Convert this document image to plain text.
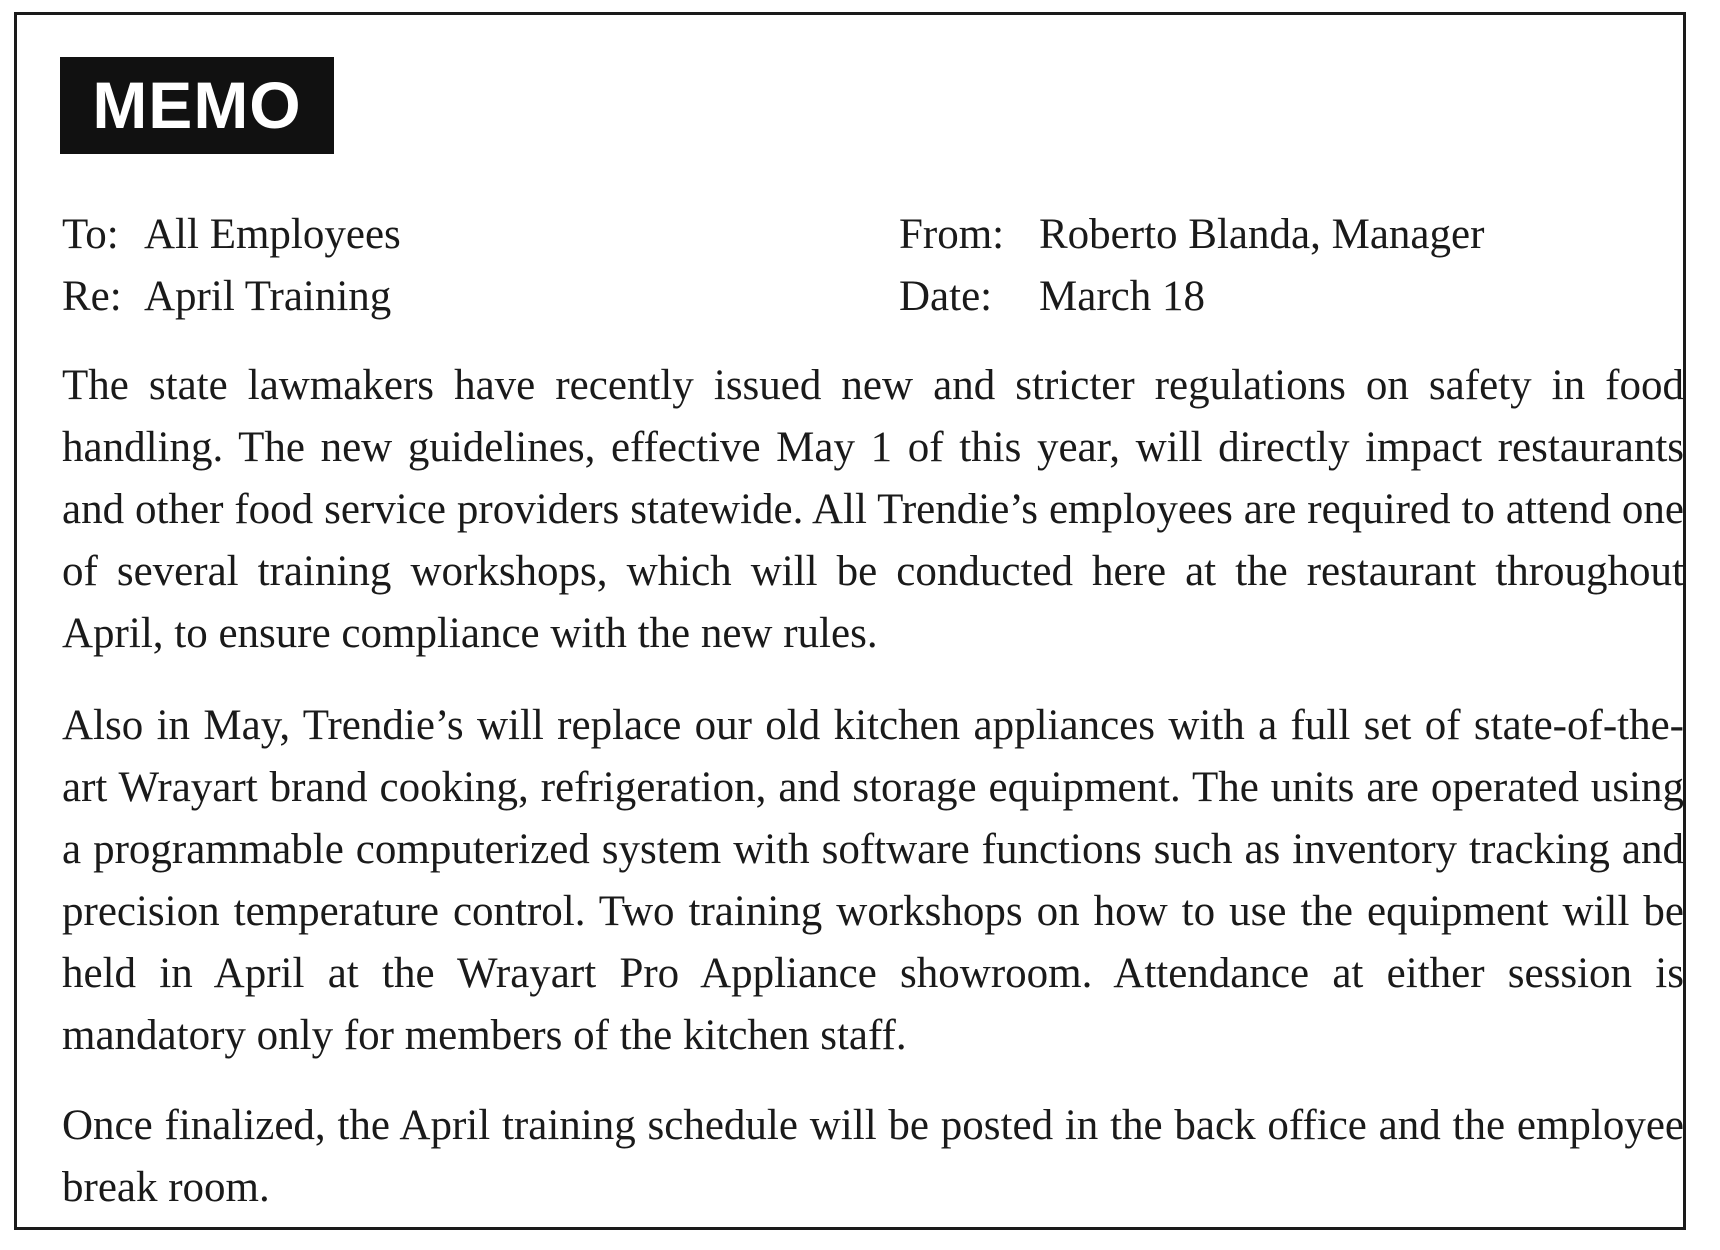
MEMO
To: All Employees	From: Roberto Blanda, Manager
Re: April Training	Date: March 18

The state lawmakers have recently issued new and stricter regulations on safety in food handling. The new guidelines, effective May 1 of this year, will directly impact restaurants and other food service providers statewide. All Trendie’s employees are required to attend one of several training workshops, which will be conducted here at the restaurant throughout April, to ensure compliance with the new rules.

Also in May, Trendie’s will replace our old kitchen appliances with a full set of state-of-the-art Wrayart brand cooking, refrigeration, and storage equipment. The units are operated using a programmable computerized system with software functions such as inventory tracking and precision temperature control. Two training workshops on how to use the equipment will be held in April at the Wrayart Pro Appliance showroom. Attendance at either session is mandatory only for members of the kitchen staff.

Once finalized, the April training schedule will be posted in the back office and the employee break room.
